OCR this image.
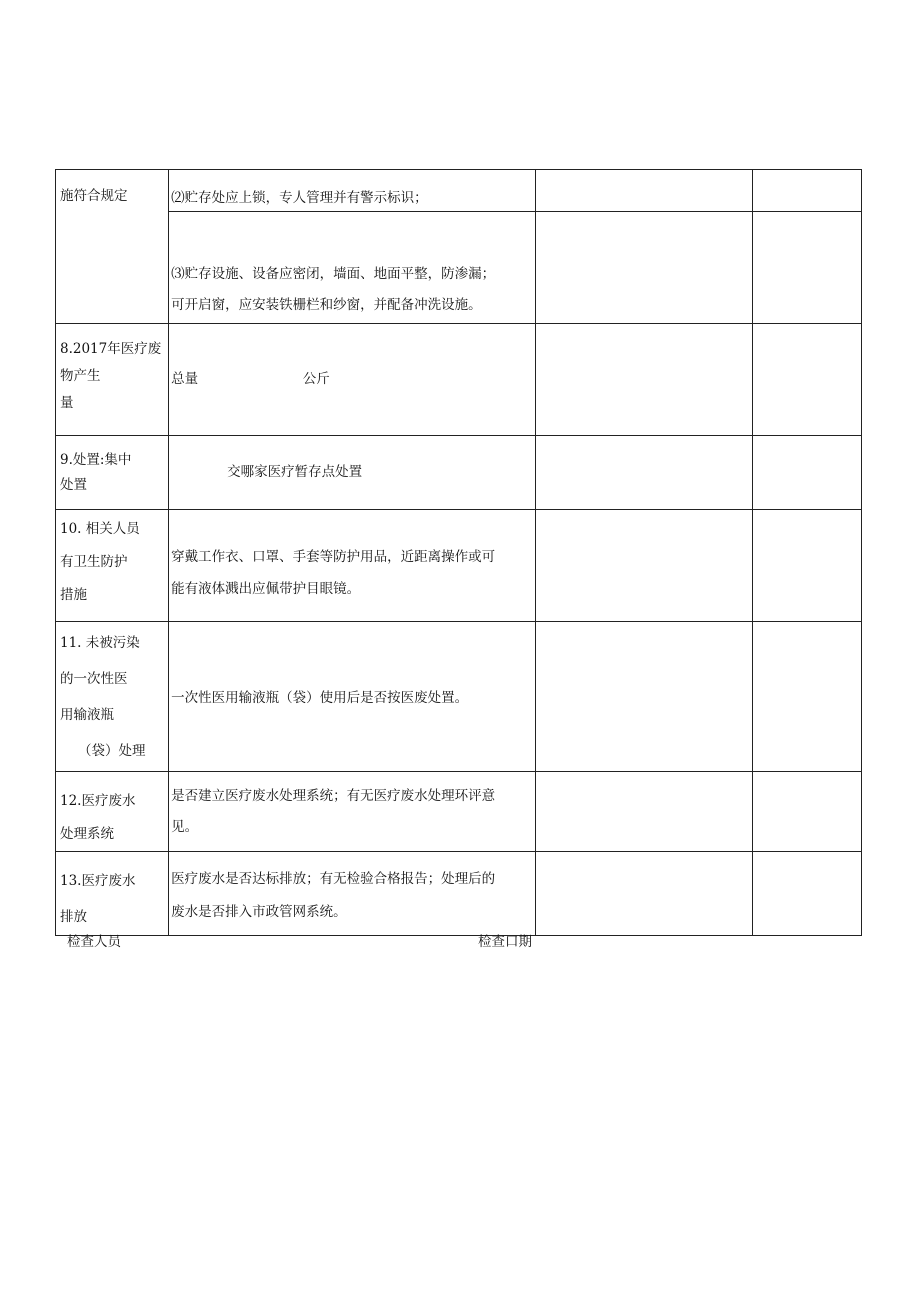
施符合规定	⑵贮存处应上锁，专人管理并有警示标识；		

	⑶贮存设施、设备应密闭，墙面、地面平整，防渗漏；
可开启窗，应安装铁栅栏和纱窗，并配备冲洗设施。		

8.2017年医疗废
物产生
量	总量 公斤		

9.处置:集中
处置	交哪家医疗暂存点处置		

10. 相关人员
有卫生防护
措施	穿戴工作衣、口罩、手套等防护用品，近距离操作或可
能有液体溅出应佩带护目眼镜。		

11. 未被污染
的一次性医
用输液瓶
（袋）处理	一次性医用输液瓶（袋）使用后是否按医废处置。		

12.医疗废水
处理系统	是否建立医疗废水处理系统；有无医疗废水处理环评意
见。		

13.医疗废水
排放	医疗废水是否达标排放；有无检验合格报告；处理后的
废水是否排入市政管网系统。		

检查人员	检查口期
